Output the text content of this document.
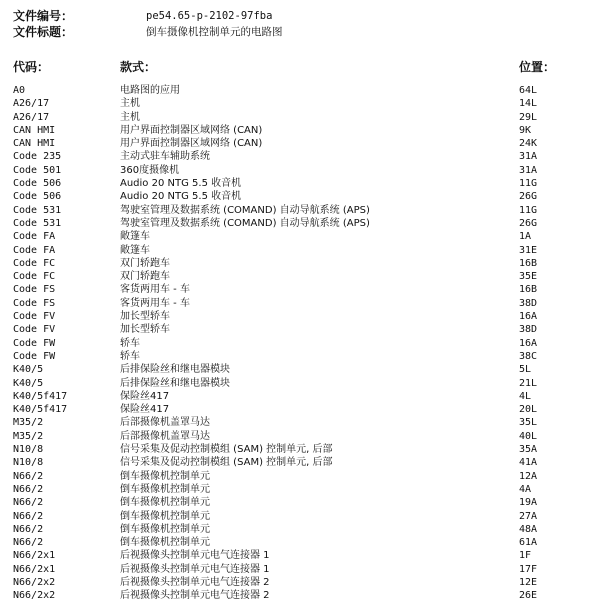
文件编号：	pe54.65-p-2102-97fba
文件标题：	倒车摄像机控制单元的电路图
代码：	款式：	位置：
A0	电路图的应用	64L
A26/17	主机	14L
A26/17	主机	29L
CAN HMI	用户界面控制器区域网络 (CAN)	9K
CAN HMI	用户界面控制器区域网络 (CAN)	24K
Code 235	主动式驻车辅助系统	31A
Code 501	360度摄像机	31A
Code 506	Audio 20 NTG 5.5 收音机	11G
Code 506	Audio 20 NTG 5.5 收音机	26G
Code 531	驾驶室管理及数据系统 (COMAND) 自动导航系统 (APS)	11G
Code 531	驾驶室管理及数据系统 (COMAND) 自动导航系统 (APS)	26G
Code FA	敞篷车	1A
Code FA	敞篷车	31E
Code FC	双门轿跑车	16B
Code FC	双门轿跑车	35E
Code FS	客货两用车 - 车	16B
Code FS	客货两用车 - 车	38D
Code FV	加长型轿车	16A
Code FV	加长型轿车	38D
Code FW	轿车	16A
Code FW	轿车	38C
K40/5	后排保险丝和继电器模块	5L
K40/5	后排保险丝和继电器模块	21L
K40/5f417	保险丝417	4L
K40/5f417	保险丝417	20L
M35/2	后部摄像机盖罩马达	35L
M35/2	后部摄像机盖罩马达	40L
N10/8	信号采集及促动控制模组 (SAM) 控制单元, 后部	35A
N10/8	信号采集及促动控制模组 (SAM) 控制单元, 后部	41A
N66/2	倒车摄像机控制单元	12A
N66/2	倒车摄像机控制单元	4A
N66/2	倒车摄像机控制单元	19A
N66/2	倒车摄像机控制单元	27A
N66/2	倒车摄像机控制单元	48A
N66/2	倒车摄像机控制单元	61A
N66/2x1	后视摄像头控制单元电气连接器 1	1F
N66/2x1	后视摄像头控制单元电气连接器 1	17F
N66/2x2	后视摄像头控制单元电气连接器 2	12E
N66/2x2	后视摄像头控制单元电气连接器 2	26E
